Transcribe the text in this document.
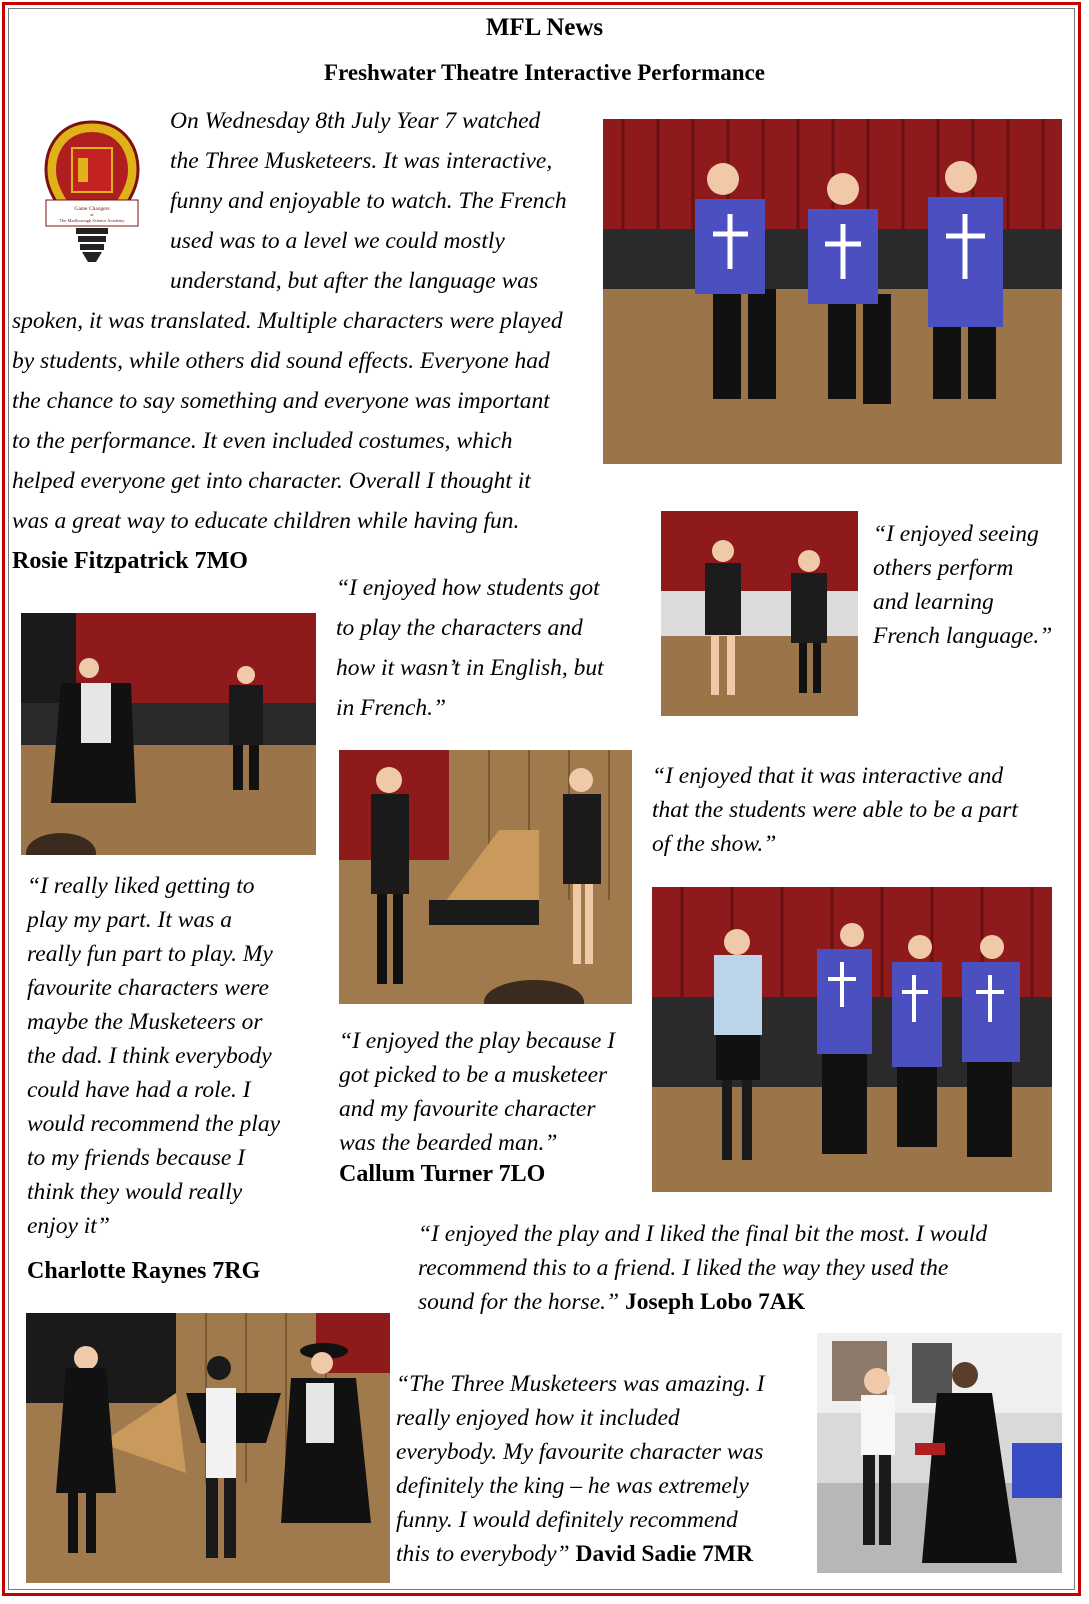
MFL News
Freshwater Theatre Interactive Performance
Game Changers
at
The Marlborough Science Academy
On Wednesday 8th July Year 7 watched
the Three Musketeers. It was interactive,
funny and enjoyable to watch. The French
used was to a level we could mostly
understand, but after the language was
spoken, it was translated. Multiple characters were played
by students, while others did sound effects. Everyone had
the chance to say something and everyone was important
to the performance. It even included costumes, which
helped everyone get into character. Overall I thought it
was a great way to educate children while having fun.
Rosie Fitzpatrick 7MO
“I enjoyed seeing
others perform
and learning
French language.”
“I enjoyed how students got
to play the characters and
how it wasn’t in English, but
in French.”
“I enjoyed that it was interactive and
that the students were able to be a part
of the show.”
“I really liked getting to
play my part. It was a
really fun part to play. My
favourite characters were
maybe the Musketeers or
the dad. I think everybody
could have had a role. I
would recommend the play
to my friends because I
think they would really
enjoy it”
Charlotte Raynes 7RG
“I enjoyed the play because I
got picked to be a musketeer
and my favourite character
was the bearded man.”
Callum Turner 7LO
“I enjoyed the play and I liked the final bit the most. I would
recommend this to a friend. I liked the way they used the
sound for the horse.” Joseph Lobo 7AK
“The Three Musketeers was amazing. I
really enjoyed how it included
everybody. My favourite character was
definitely the king – he was extremely
funny. I would definitely recommend
this to everybody” David Sadie 7MR
